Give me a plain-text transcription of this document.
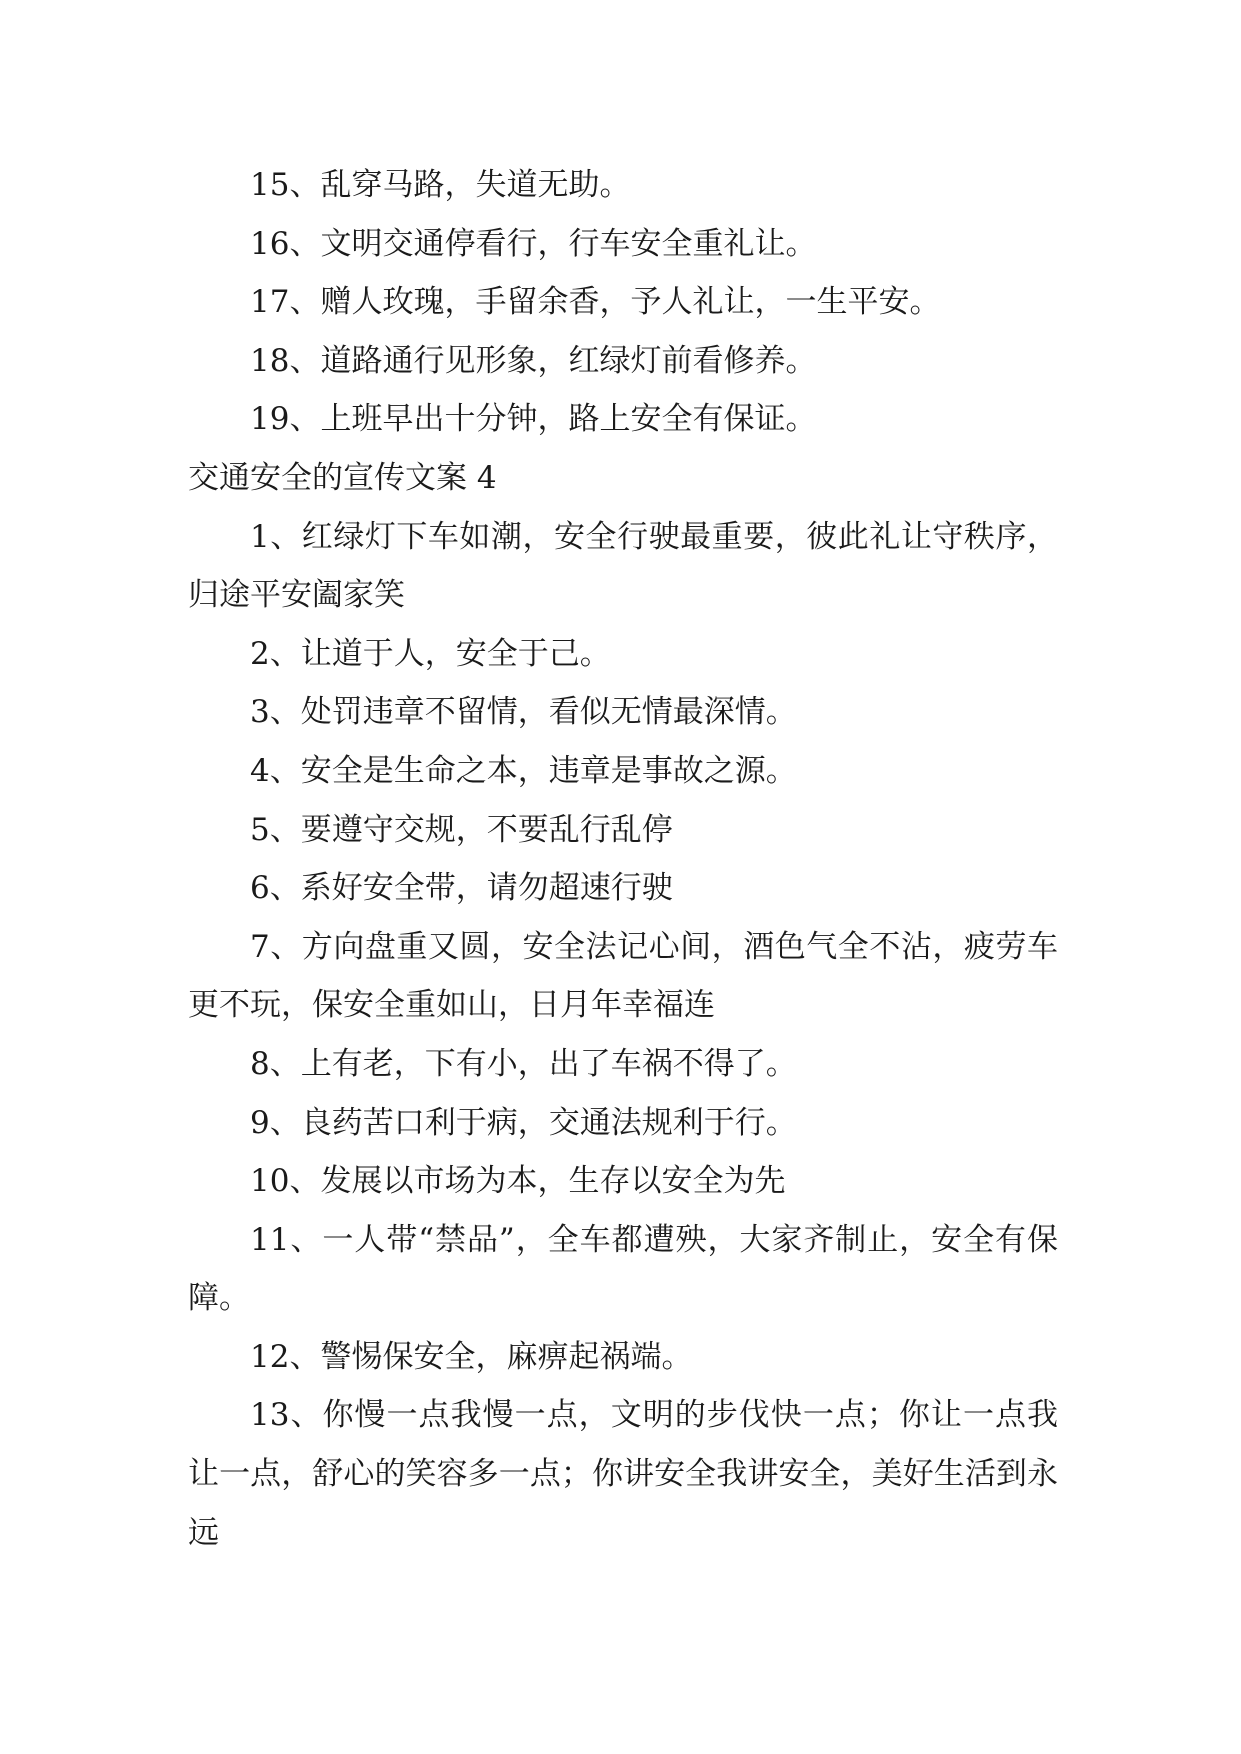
15、乱穿马路，失道无助。

16、文明交通停看行，行车安全重礼让。

17、赠人玫瑰，手留余香，予人礼让，一生平安。

18、道路通行见形象，红绿灯前看修养。

19、上班早出十分钟，路上安全有保证。

交通安全的宣传文案 4

1、红绿灯下车如潮，安全行驶最重要，彼此礼让守秩序，归途平安阖家笑

2、让道于人，安全于己。

3、处罚违章不留情，看似无情最深情。

4、安全是生命之本，违章是事故之源。

5、要遵守交规，不要乱行乱停

6、系好安全带，请勿超速行驶

7、方向盘重又圆，安全法记心间，酒色气全不沾，疲劳车更不玩，保安全重如山，日月年幸福连

8、上有老，下有小，出了车祸不得了。

9、良药苦口利于病，交通法规利于行。

10、发展以市场为本，生存以安全为先

11、一人带“禁品”，全车都遭殃，大家齐制止，安全有保障。

12、警惕保安全，麻痹起祸端。

13、你慢一点我慢一点，文明的步伐快一点；你让一点我让一点，舒心的笑容多一点；你讲安全我讲安全，美好生活到永远
